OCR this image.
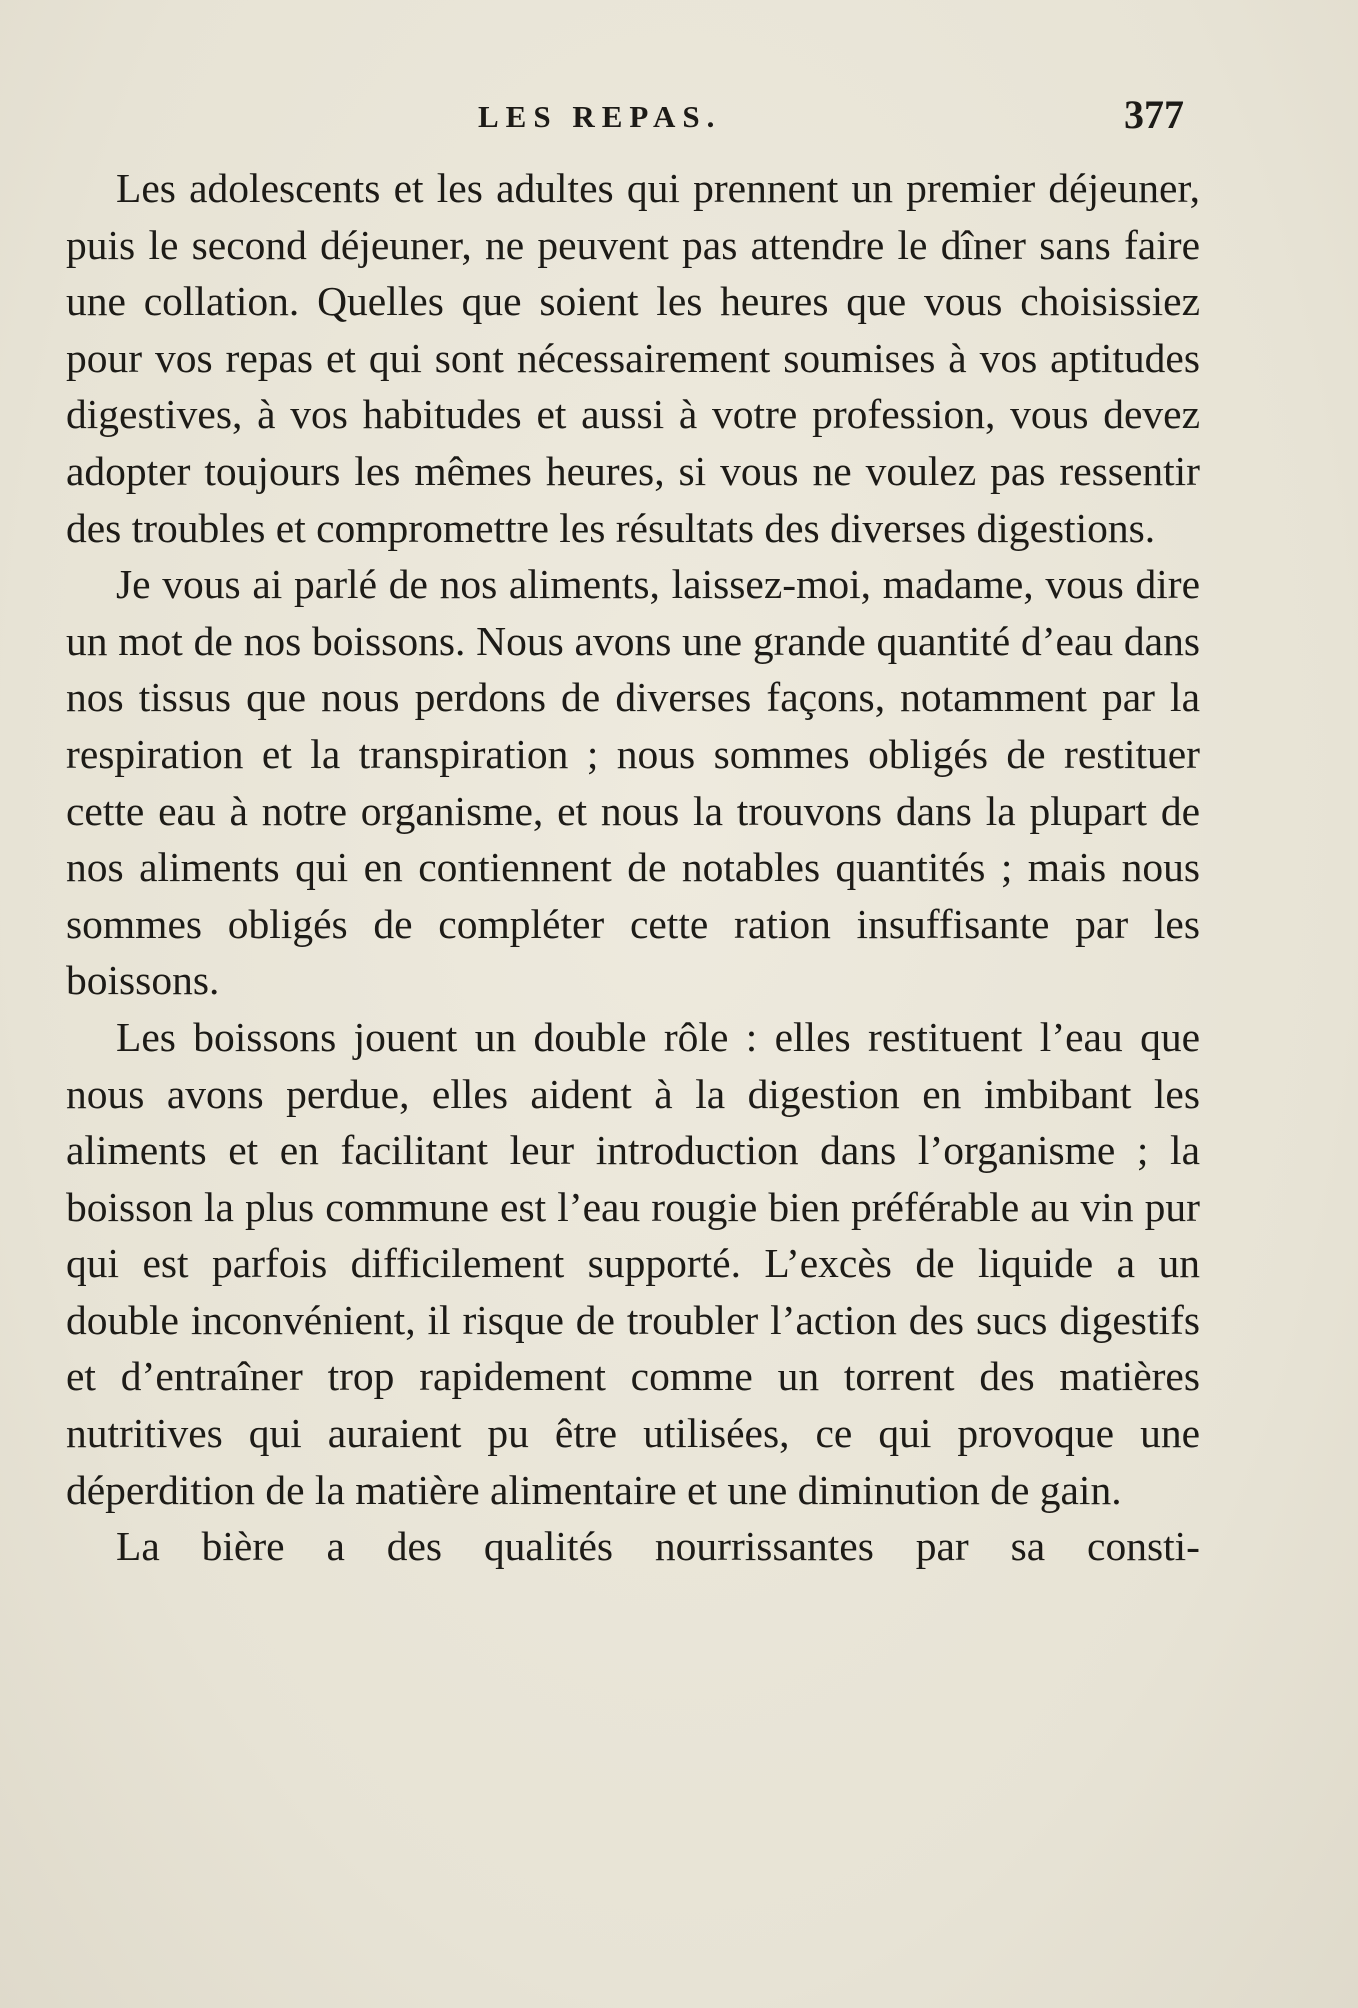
LES REPAS.	377

Les adolescents et les adultes qui prennent un premier déjeuner, puis le second déjeuner, ne peuvent pas attendre le dîner sans faire une collation. Quelles que soient les heures que vous choisissiez pour vos repas et qui sont nécessairement soumises à vos aptitudes digestives, à vos habitudes et aussi à votre profession, vous devez adopter toujours les mêmes heures, si vous ne voulez pas ressentir des troubles et compromettre les résultats des diverses digestions.

Je vous ai parlé de nos aliments, laissez-moi, madame, vous dire un mot de nos boissons. Nous avons une grande quantité d’eau dans nos tissus que nous perdons de diverses façons, notamment par la respiration et la transpiration ; nous sommes obligés de restituer cette eau à notre organisme, et nous la trouvons dans la plupart de nos aliments qui en contiennent de notables quantités ; mais nous sommes obligés de compléter cette ration insuffisante par les boissons.

Les boissons jouent un double rôle : elles restituent l’eau que nous avons perdue, elles aident à la digestion en imbibant les aliments et en facilitant leur introduction dans l’organisme ; la boisson la plus commune est l’eau rougie bien préférable au vin pur qui est parfois difficilement supporté. L’excès de liquide a un double inconvénient, il risque de troubler l’action des sucs digestifs et d’entraîner trop rapidement comme un torrent des matières nutritives qui auraient pu être utilisées, ce qui provoque une déperdition de la matière alimentaire et une diminution de gain.

La bière a des qualités nourrissantes par sa consti-
